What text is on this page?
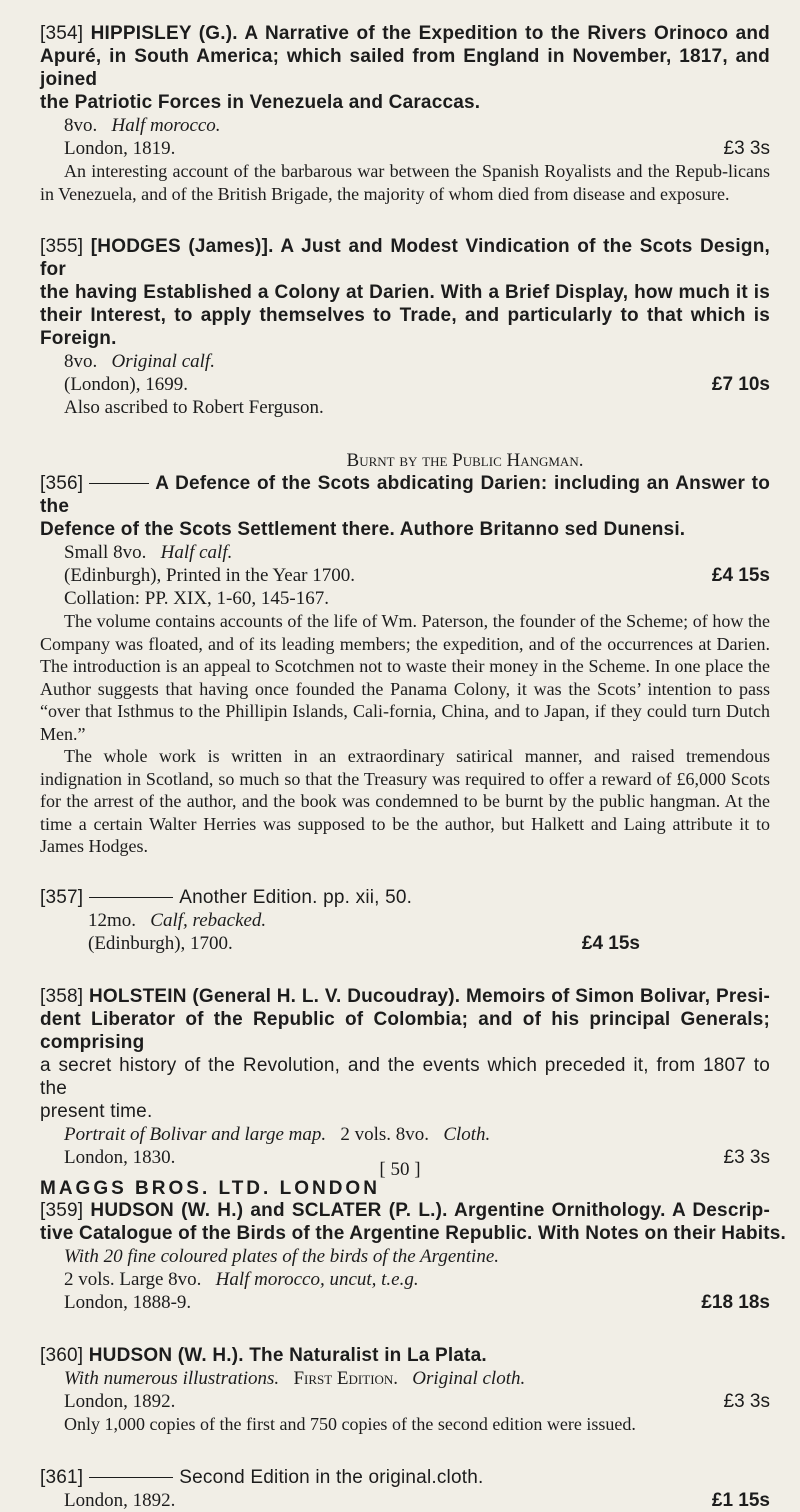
[354] HIPPISLEY (G.). A Narrative of the Expedition to the Rivers Orinoco and
Apuré, in South America; which sailed from England in November, 1817, and joined
the Patriotic Forces in Venezuela and Caraccas.
8vo. Half morocco.
London, 1819.	£3 3s
An interesting account of the barbarous war between the Spanish Royalists and the Repub-licans in Venezuela, and of the British Brigade, the majority of whom died from disease and exposure.
[355] [HODGES (James)]. A Just and Modest Vindication of the Scots Design, for
the having Established a Colony at Darien. With a Brief Display, how much it is
their Interest, to apply themselves to Trade, and particularly to that which is Foreign.
8vo. Original calf.
(London), 1699.	£7 10s
Also ascribed to Robert Ferguson.
Burnt by the Public Hangman.
[356]	A Defence of the Scots abdicating Darien: including an Answer to the
Defence of the Scots Settlement there. Authore Britanno sed Dunensi.
Small 8vo. Half calf.
(Edinburgh), Printed in the Year 1700.	£4 15s
Collation: PP. XIX, 1-60, 145-167.
The volume contains accounts of the life of Wm. Paterson, the founder of the Scheme; of how the Company was floated, and of its leading members; the expedition, and of the occurrences at Darien. The introduction is an appeal to Scotchmen not to waste their money in the Scheme. In one place the Author suggests that having once founded the Panama Colony, it was the Scots’ intention to pass “over that Isthmus to the Phillipin Islands, Cali-fornia, China, and to Japan, if they could turn Dutch Men.”
The whole work is written in an extraordinary satirical manner, and raised tremendous indignation in Scotland, so much so that the Treasury was required to offer a reward of £6,000 Scots for the arrest of the author, and the book was condemned to be burnt by the public hangman. At the time a certain Walter Herries was supposed to be the author, but Halkett and Laing attribute it to James Hodges.
[357]	Another Edition. pp. xii, 50.
12mo. Calf, rebacked.
(Edinburgh), 1700.	£4 15s
[358] HOLSTEIN (General H. L. V. Ducoudray). Memoirs of Simon Bolivar, Presi-
dent Liberator of the Republic of Colombia; and of his principal Generals; comprising
a secret history of the Revolution, and the events which preceded it, from 1807 to the
present time.
Portrait of Bolivar and large map. 2 vols. 8vo. Cloth.
London, 1830.	£3 3s
[359] HUDSON (W. H.) and SCLATER (P. L.). Argentine Ornithology. A Descrip-
tive Catalogue of the Birds of the Argentine Republic. With Notes on their Habits.
With 20 fine coloured plates of the birds of the Argentine.
2 vols. Large 8vo. Half morocco, uncut, t.e.g.
London, 1888-9.	£18 18s
[360] HUDSON (W. H.). The Naturalist in La Plata.
With numerous illustrations. First Edition. Original cloth.
London, 1892.	£3 3s
Only 1,000 copies of the first and 750 copies of the second edition were issued.
[361]	Second Edition in the original.cloth.
London, 1892.	£1 15s
[ 50 ]
MAGGS BROS. LTD. LONDON
